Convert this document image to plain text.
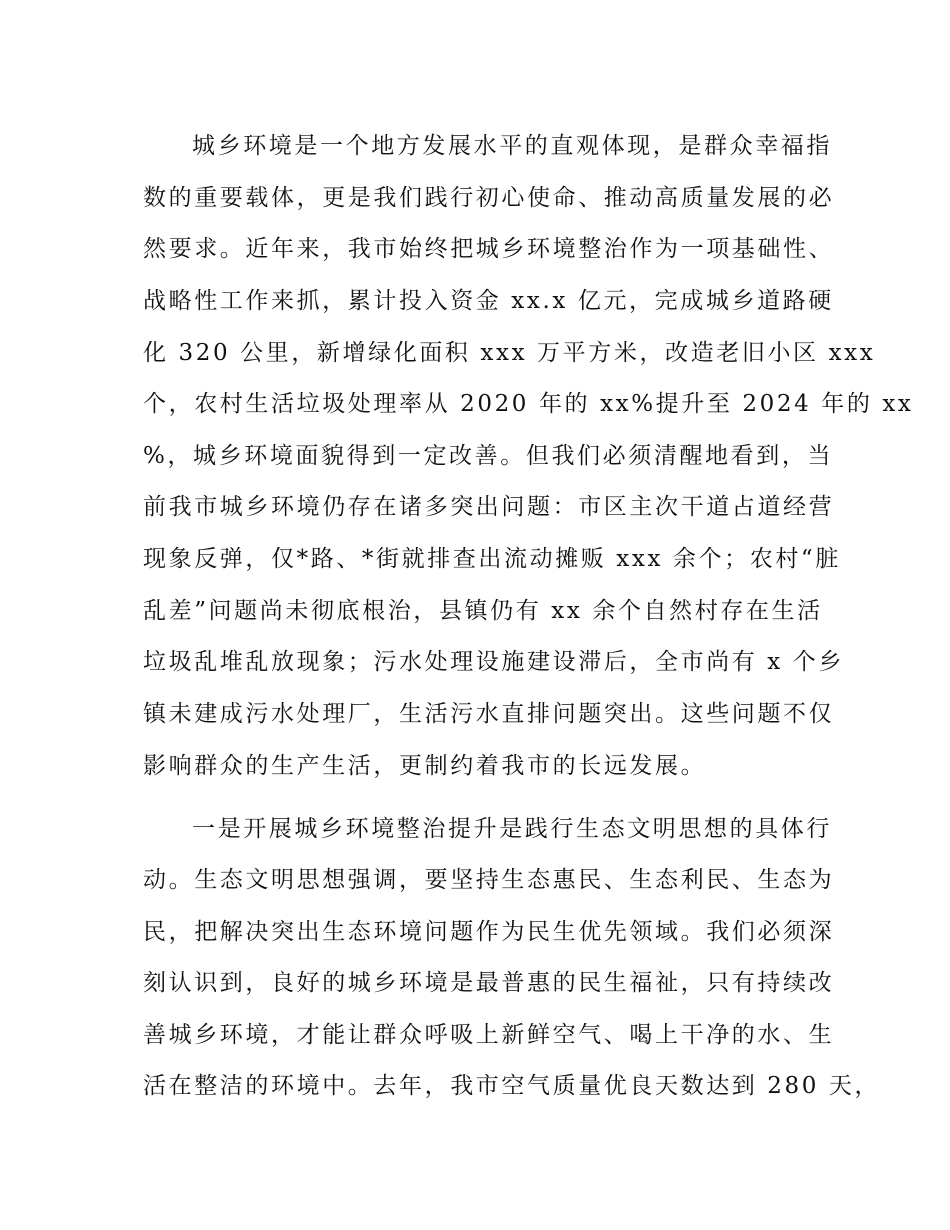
城乡环境是一个地方发展水平的直观体现，是群众幸福指
数的重要载体，更是我们践行初心使命、推动高质量发展的必
然要求。近年来，我市始终把城乡环境整治作为一项基础性、
战略性工作来抓，累计投入资金 xx.x 亿元，完成城乡道路硬
化 320 公里，新增绿化面积 xxx 万平方米，改造老旧小区 xxx
个，农村生活垃圾处理率从 2020 年的 xx%提升至 2024 年的 xx
%，城乡环境面貌得到一定改善。但我们必须清醒地看到，当
前我市城乡环境仍存在诸多突出问题：市区主次干道占道经营
现象反弹，仅*路、*街就排查出流动摊贩 xxx 余个；农村“脏
乱差”问题尚未彻底根治，县镇仍有 xx 余个自然村存在生活
垃圾乱堆乱放现象；污水处理设施建设滞后，全市尚有 x 个乡
镇未建成污水处理厂，生活污水直排问题突出。这些问题不仅
影响群众的生产生活，更制约着我市的长远发展。
一是开展城乡环境整治提升是践行生态文明思想的具体行
动。生态文明思想强调，要坚持生态惠民、生态利民、生态为
民，把解决突出生态环境问题作为民生优先领域。我们必须深
刻认识到，良好的城乡环境是最普惠的民生福祉，只有持续改
善城乡环境，才能让群众呼吸上新鲜空气、喝上干净的水、生
活在整洁的环境中。去年，我市空气质量优良天数达到 280 天，
